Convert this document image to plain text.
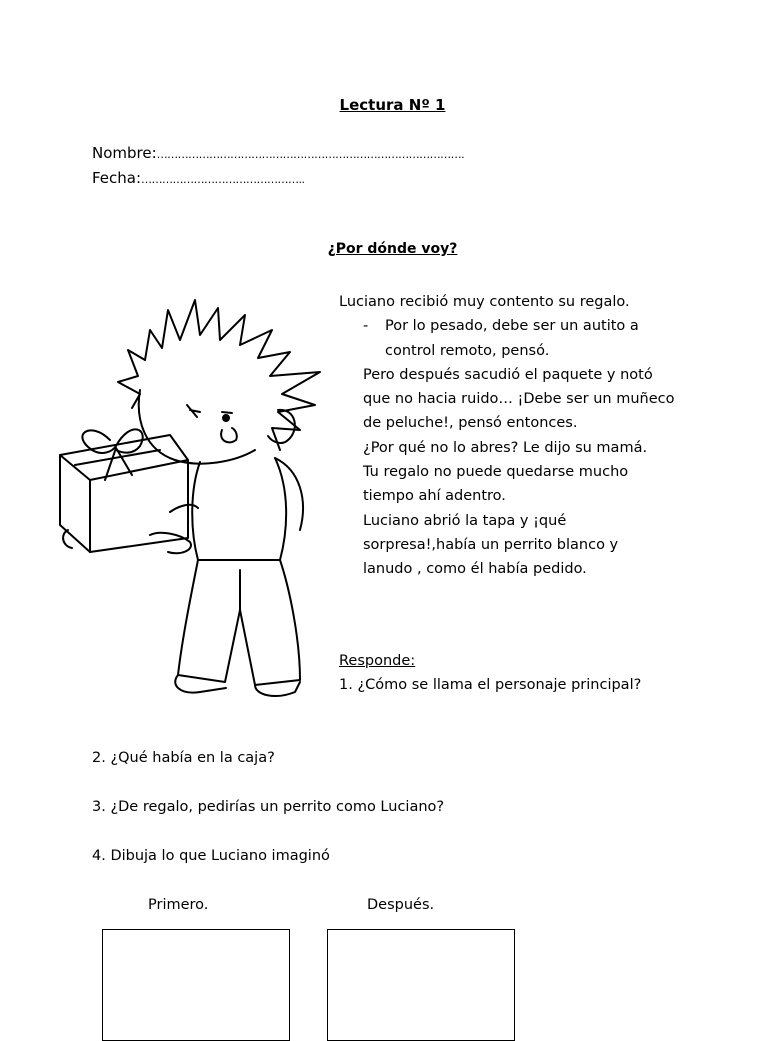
Lectura Nº 1
Nombre:…………………………………………………………………………….
Fecha:………………………………………..
¿Por dónde voy?

Luciano recibió muy contento su regalo.

-	Por lo pesado, debe ser un autito a

control remoto, pensó.

Pero después sacudió el paquete y notó

que no hacia ruido… ¡Debe ser un muñeco

de peluche!, pensó entonces.

¿Por qué no lo abres? Le dijo su mamá.

Tu regalo no puede quedarse mucho

tiempo ahí adentro.

Luciano abrió la tapa y ¡qué

sorpresa!,había un perrito blanco y

lanudo , como él había pedido.

Responde:
1. ¿Cómo se llama el personaje principal?
2. ¿Qué había en la caja?
3. ¿De regalo, pedirías un perrito como Luciano?
4. Dibuja lo que Luciano imaginó
Primero.	Después.
